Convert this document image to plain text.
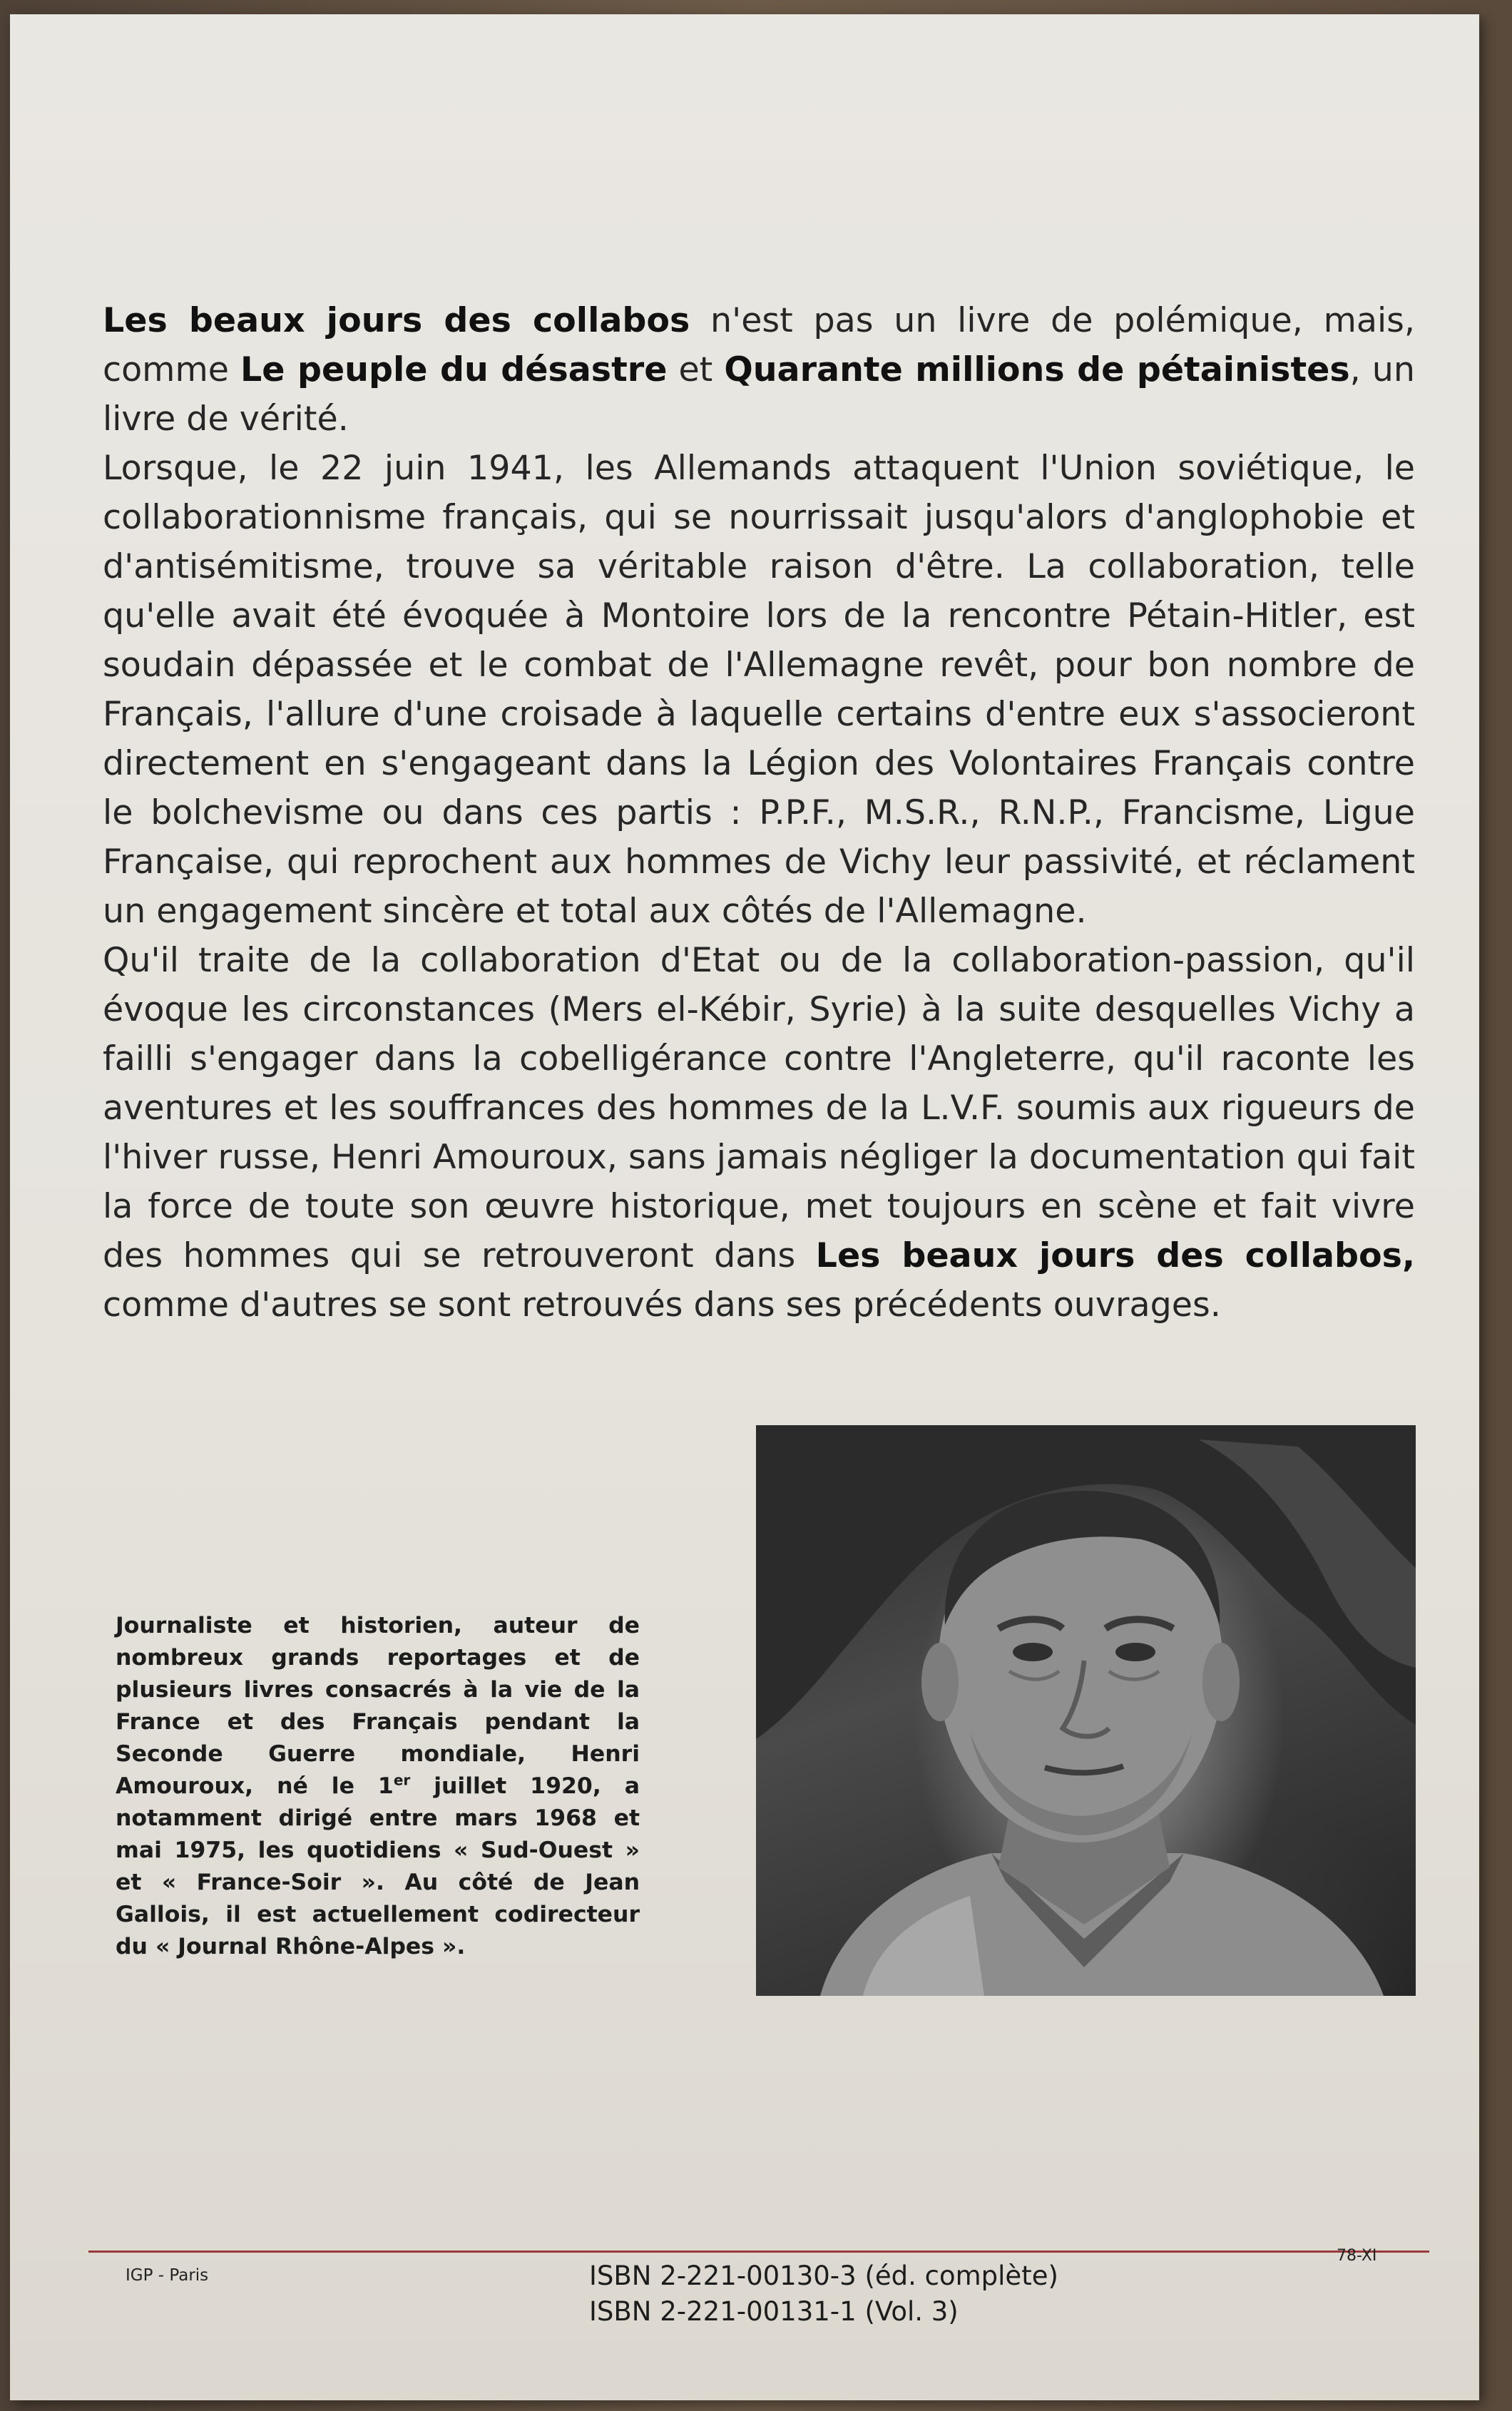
Les beaux jours des collabos n'est pas un livre de polémique, mais, comme Le peuple du désastre et Quarante millions de pétainistes, un livre de vérité.

Lorsque, le 22 juin 1941, les Allemands attaquent l'Union soviétique, le collaborationnisme français, qui se nourrissait jusqu'alors d'anglophobie et d'antisémitisme, trouve sa véritable raison d'être. La collaboration, telle qu'elle avait été évoquée à Montoire lors de la rencontre Pétain-Hitler, est soudain dépassée et le combat de l'Allemagne revêt, pour bon nombre de Français, l'allure d'une croisade à laquelle certains d'entre eux s'associeront directement en s'engageant dans la Légion des Volontaires Français contre le bolchevisme ou dans ces partis : P.P.F., M.S.R., R.N.P., Francisme, Ligue Française, qui reprochent aux hommes de Vichy leur passivité, et réclament un engagement sincère et total aux côtés de l'Allemagne.

Qu'il traite de la collaboration d'Etat ou de la collaboration-passion, qu'il évoque les circonstances (Mers el-Kébir, Syrie) à la suite desquelles Vichy a failli s'engager dans la cobelligérance contre l'Angleterre, qu'il raconte les aventures et les souffrances des hommes de la L.V.F. soumis aux rigueurs de l'hiver russe, Henri Amouroux, sans jamais négliger la documentation qui fait la force de toute son œuvre historique, met toujours en scène et fait vivre des hommes qui se retrouveront dans Les beaux jours des collabos, comme d'autres se sont retrouvés dans ses précédents ouvrages.

Journaliste et historien, auteur de nombreux grands reportages et de plusieurs livres consacrés à la vie de la France et des Français pendant la Seconde Guerre mondiale, Henri Amouroux, né le 1er juillet 1920, a notamment dirigé entre mars 1968 et mai 1975, les quotidiens « Sud-Ouest » et « France-Soir ». Au côté de Jean Gallois, il est actuellement codirecteur du « Journal Rhône-Alpes ».
IGP - Paris	ISBN 2-221-00130-3 (éd. complète)
ISBN 2-221-00131-1 (Vol. 3)
78-XI
